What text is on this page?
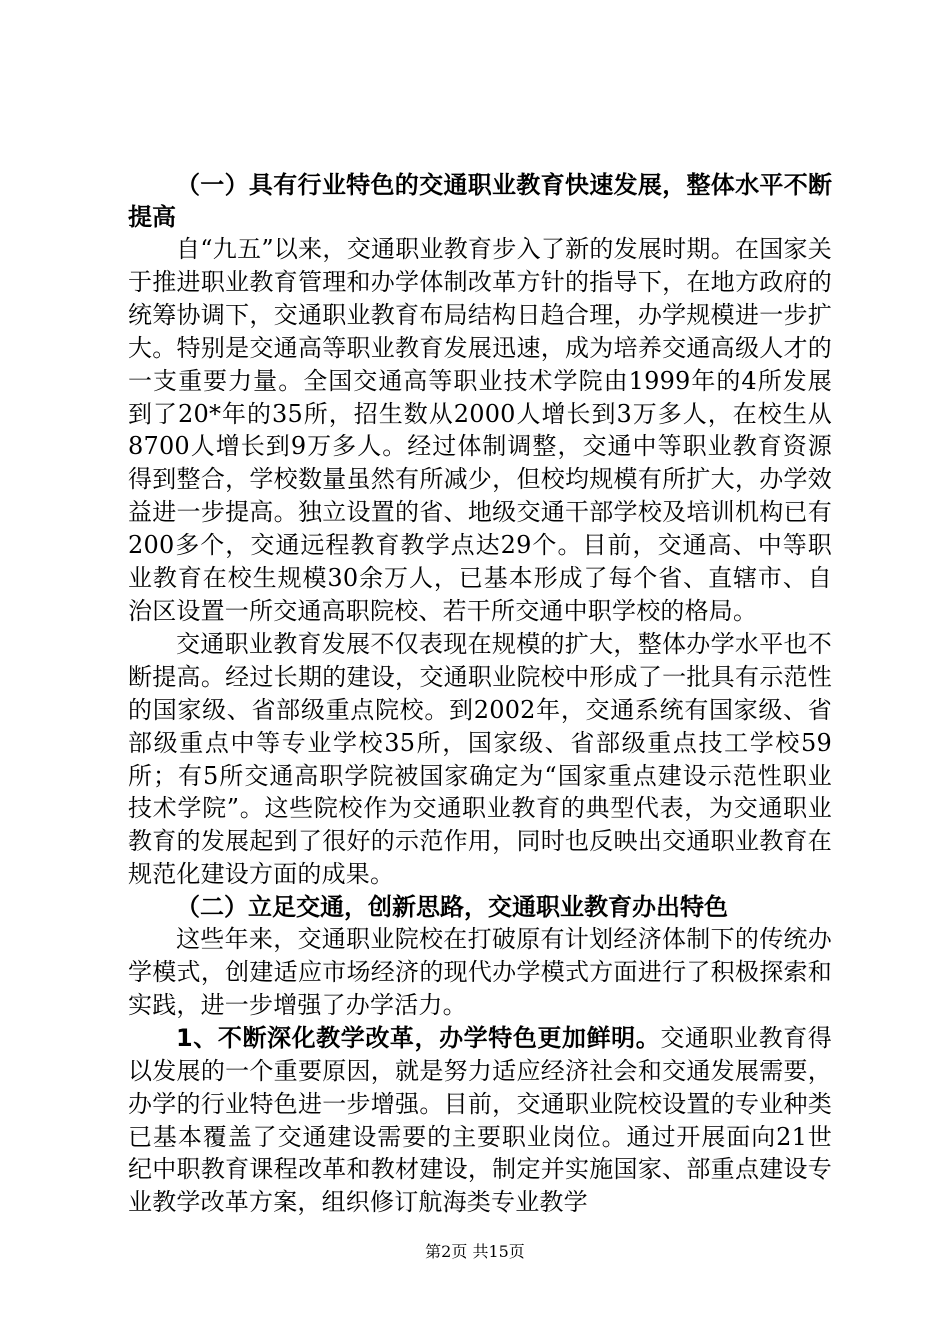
（一）具有行业特色的交通职业教育快速发展，整体水平不断提高

自“九五”以来，交通职业教育步入了新的发展时期。在国家关于推进职业教育管理和办学体制改革方针的指导下，在地方政府的统筹协调下，交通职业教育布局结构日趋合理，办学规模进一步扩大。特别是交通高等职业教育发展迅速，成为培养交通高级人才的一支重要力量。全国交通高等职业技术学院由1999年的4所发展到了20*年的35所，招生数从2000人增长到3万多人，在校生从8700人增长到9万多人。经过体制调整，交通中等职业教育资源得到整合，学校数量虽然有所减少，但校均规模有所扩大，办学效益进一步提高。独立设置的省、地级交通干部学校及培训机构已有200多个，交通远程教育教学点达29个。目前，交通高、中等职业教育在校生规模30余万人，已基本形成了每个省、直辖市、自治区设置一所交通高职院校、若干所交通中职学校的格局。

交通职业教育发展不仅表现在规模的扩大，整体办学水平也不断提高。经过长期的建设，交通职业院校中形成了一批具有示范性的国家级、省部级重点院校。到2002年，交通系统有国家级、省部级重点中等专业学校35所，国家级、省部级重点技工学校59所；有5所交通高职学院被国家确定为“国家重点建设示范性职业技术学院”。这些院校作为交通职业教育的典型代表，为交通职业教育的发展起到了很好的示范作用，同时也反映出交通职业教育在规范化建设方面的成果。

（二）立足交通，创新思路，交通职业教育办出特色

这些年来，交通职业院校在打破原有计划经济体制下的传统办学模式，创建适应市场经济的现代办学模式方面进行了积极探索和实践，进一步增强了办学活力。

1、不断深化教学改革，办学特色更加鲜明。交通职业教育得以发展的一个重要原因，就是努力适应经济社会和交通发展需要，办学的行业特色进一步增强。目前，交通职业院校设置的专业种类已基本覆盖了交通建设需要的主要职业岗位。通过开展面向21世纪中职教育课程改革和教材建设，制定并实施国家、部重点建设专业教学改革方案，组织修订航海类专业教学

第2页 共15页
